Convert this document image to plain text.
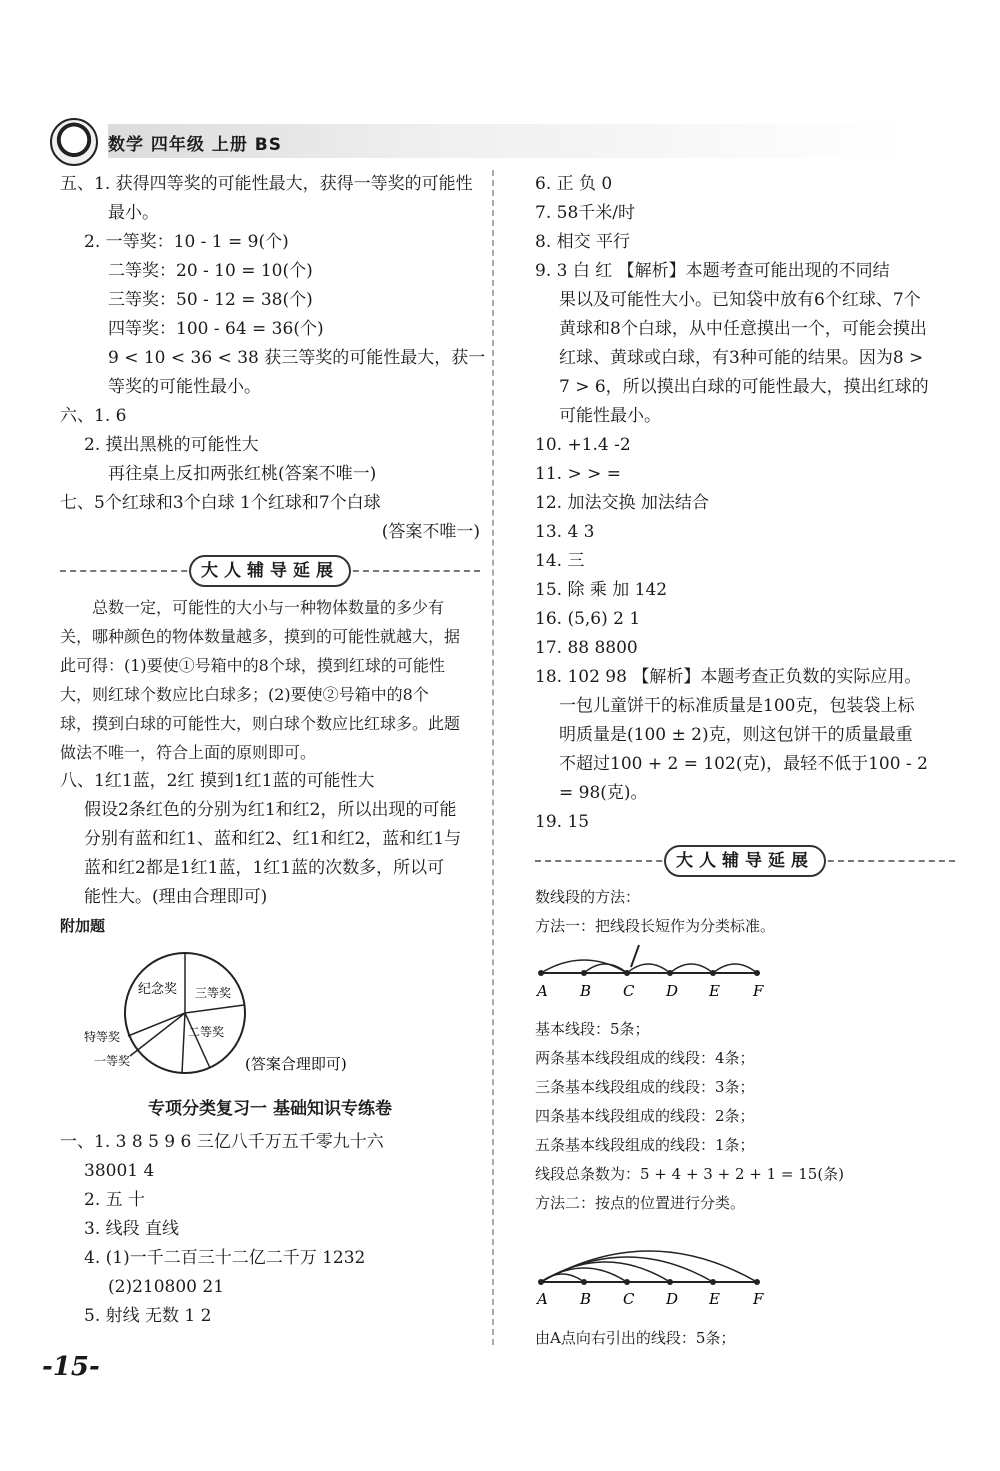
数学 四年级 上册 BS
五、1. 获得四等奖的可能性最大，获得一等奖的可能性
最小。
2. 一等奖：10 - 1 = 9(个)
二等奖：20 - 10 = 10(个)
三等奖：50 - 12 = 38(个)
四等奖：100 - 64 = 36(个)
9 < 10 < 36 < 38 获三等奖的可能性最大，获一
等奖的可能性最小。
六、1. 6
2. 摸出黑桃的可能性大
再往桌上反扣两张红桃(答案不唯一)
七、5个红球和3个白球 1个红球和7个白球
(答案不唯一)
大人辅导延展
总数一定，可能性的大小与一种物体数量的多少有
关，哪种颜色的物体数量越多，摸到的可能性就越大，据
此可得：(1)要使①号箱中的8个球，摸到红球的可能性
大，则红球个数应比白球多；(2)要使②号箱中的8个
球，摸到白球的可能性大，则白球个数应比红球多。此题
做法不唯一，符合上面的原则即可。
八、1红1蓝，2红 摸到1红1蓝的可能性大
假设2条红色的分别为红1和红2，所以出现的可能
分别有蓝和红1、蓝和红2、红1和红2，蓝和红1与
蓝和红2都是1红1蓝，1红1蓝的次数多，所以可
能性大。(理由合理即可)
附加题
纪念奖 三等奖
二等奖
特等奖
一等奖	(答案合理即可)
专项分类复习一 基础知识专练卷
一、1. 3 8 5 9 6 三亿八千万五千零九十六
38001 4
2. 五 十
3. 线段 直线
4. (1)一千二百三十二亿二千万 1232
(2)210800 21
5. 射线 无数 1 2
6. 正 负 0
7. 58千米/时
8. 相交 平行
9. 3 白 红 【解析】本题考查可能出现的不同结
果以及可能性大小。已知袋中放有6个红球、7个
黄球和8个白球，从中任意摸出一个，可能会摸出
红球、黄球或白球，有3种可能的结果。因为8 >
7 > 6，所以摸出白球的可能性最大，摸出红球的
可能性最小。
10. +1.4 -2
11. > > =
12. 加法交换 加法结合
13. 4 3
14. 三
15. 除 乘 加 142
16. (5,6) 2 1
17. 88 8800
18. 102 98 【解析】本题考查正负数的实际应用。
一包儿童饼干的标准质量是100克，包装袋上标
明质量是(100 ± 2)克，则这包饼干的质量最重
不超过100 + 2 = 102(克)，最轻不低于100 - 2
= 98(克)。
19. 15
大人辅导延展
数线段的方法：
方法一：把线段长短作为分类标准。
A B C D E F
基本线段：5条；
两条基本线段组成的线段：4条；
三条基本线段组成的线段：3条；
四条基本线段组成的线段：2条；
五条基本线段组成的线段：1条；
线段总条数为：5 + 4 + 3 + 2 + 1 = 15(条)
方法二：按点的位置进行分类。
A B C D E F
由A点向右引出的线段：5条；
-15-
